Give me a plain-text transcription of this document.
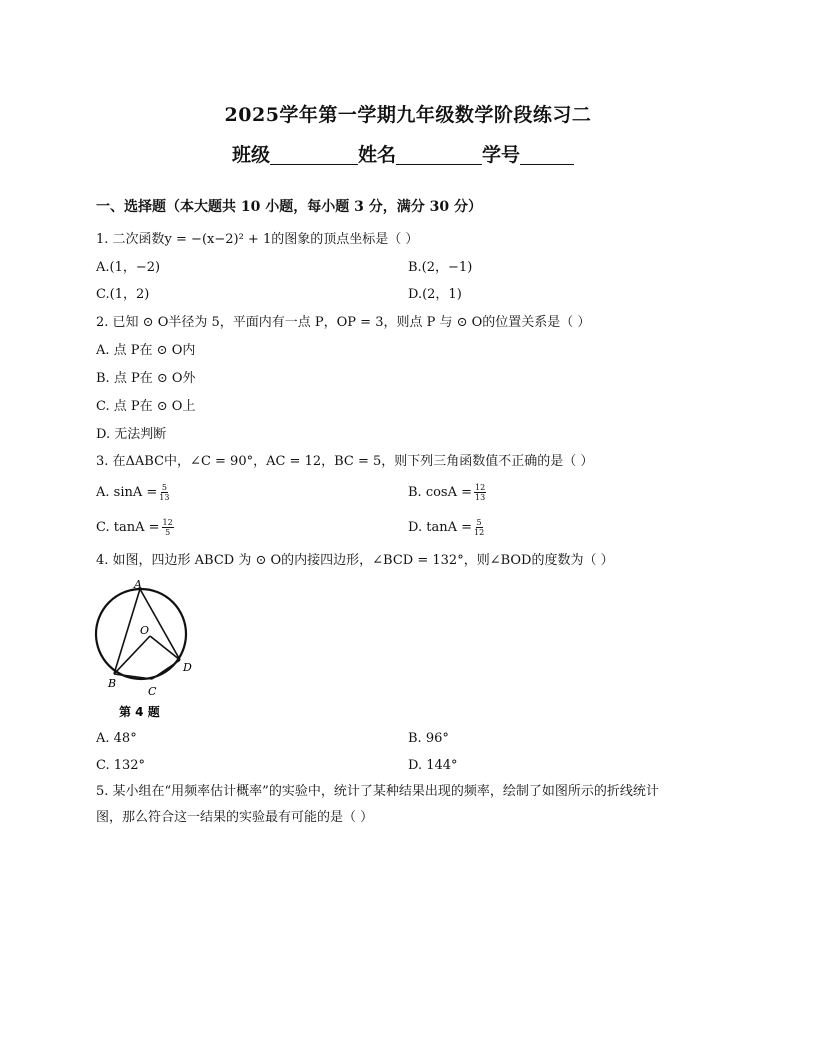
2025学年第一学期九年级数学阶段练习二
班级	姓名	学号
一、选择题（本大题共 10 小题，每小题 3 分，满分 30 分）
1. 二次函数y = −(x−2)² + 1的图象的顶点坐标是（ ）
A.(1，−2)	B.(2，−1)
C.(1，2)	D.(2，1)
2. 已知 ⊙ O半径为 5，平面内有一点 P，OP = 3，则点 P 与 ⊙ O的位置关系是（ ）
A. 点 P在 ⊙ O内
B. 点 P在 ⊙ O外
C. 点 P在 ⊙ O上
D. 无法判断
3. 在ΔABC中，∠C = 90°，AC = 12，BC = 5，则下列三角函数值不正确的是（ ）
A. $\sin A = \frac{5}{13}$	B. $\cos A = \frac{12}{13}$
C. $\tan A = \frac{12}{5}$	D. $\tan A = \frac{5}{12}$
4. 如图，四边形 ABCD 为 ⊙ O的内接四边形，∠BCD = 132°，则∠BOD的度数为（ ）
A
O
B
C
D
第 4 题
A. 48°	B. 96°
C. 132°	D. 144°
5. 某小组在“用频率估计概率”的实验中，统计了某种结果出现的频率，绘制了如图所示的折线统计
图，那么符合这一结果的实验最有可能的是（ ）
